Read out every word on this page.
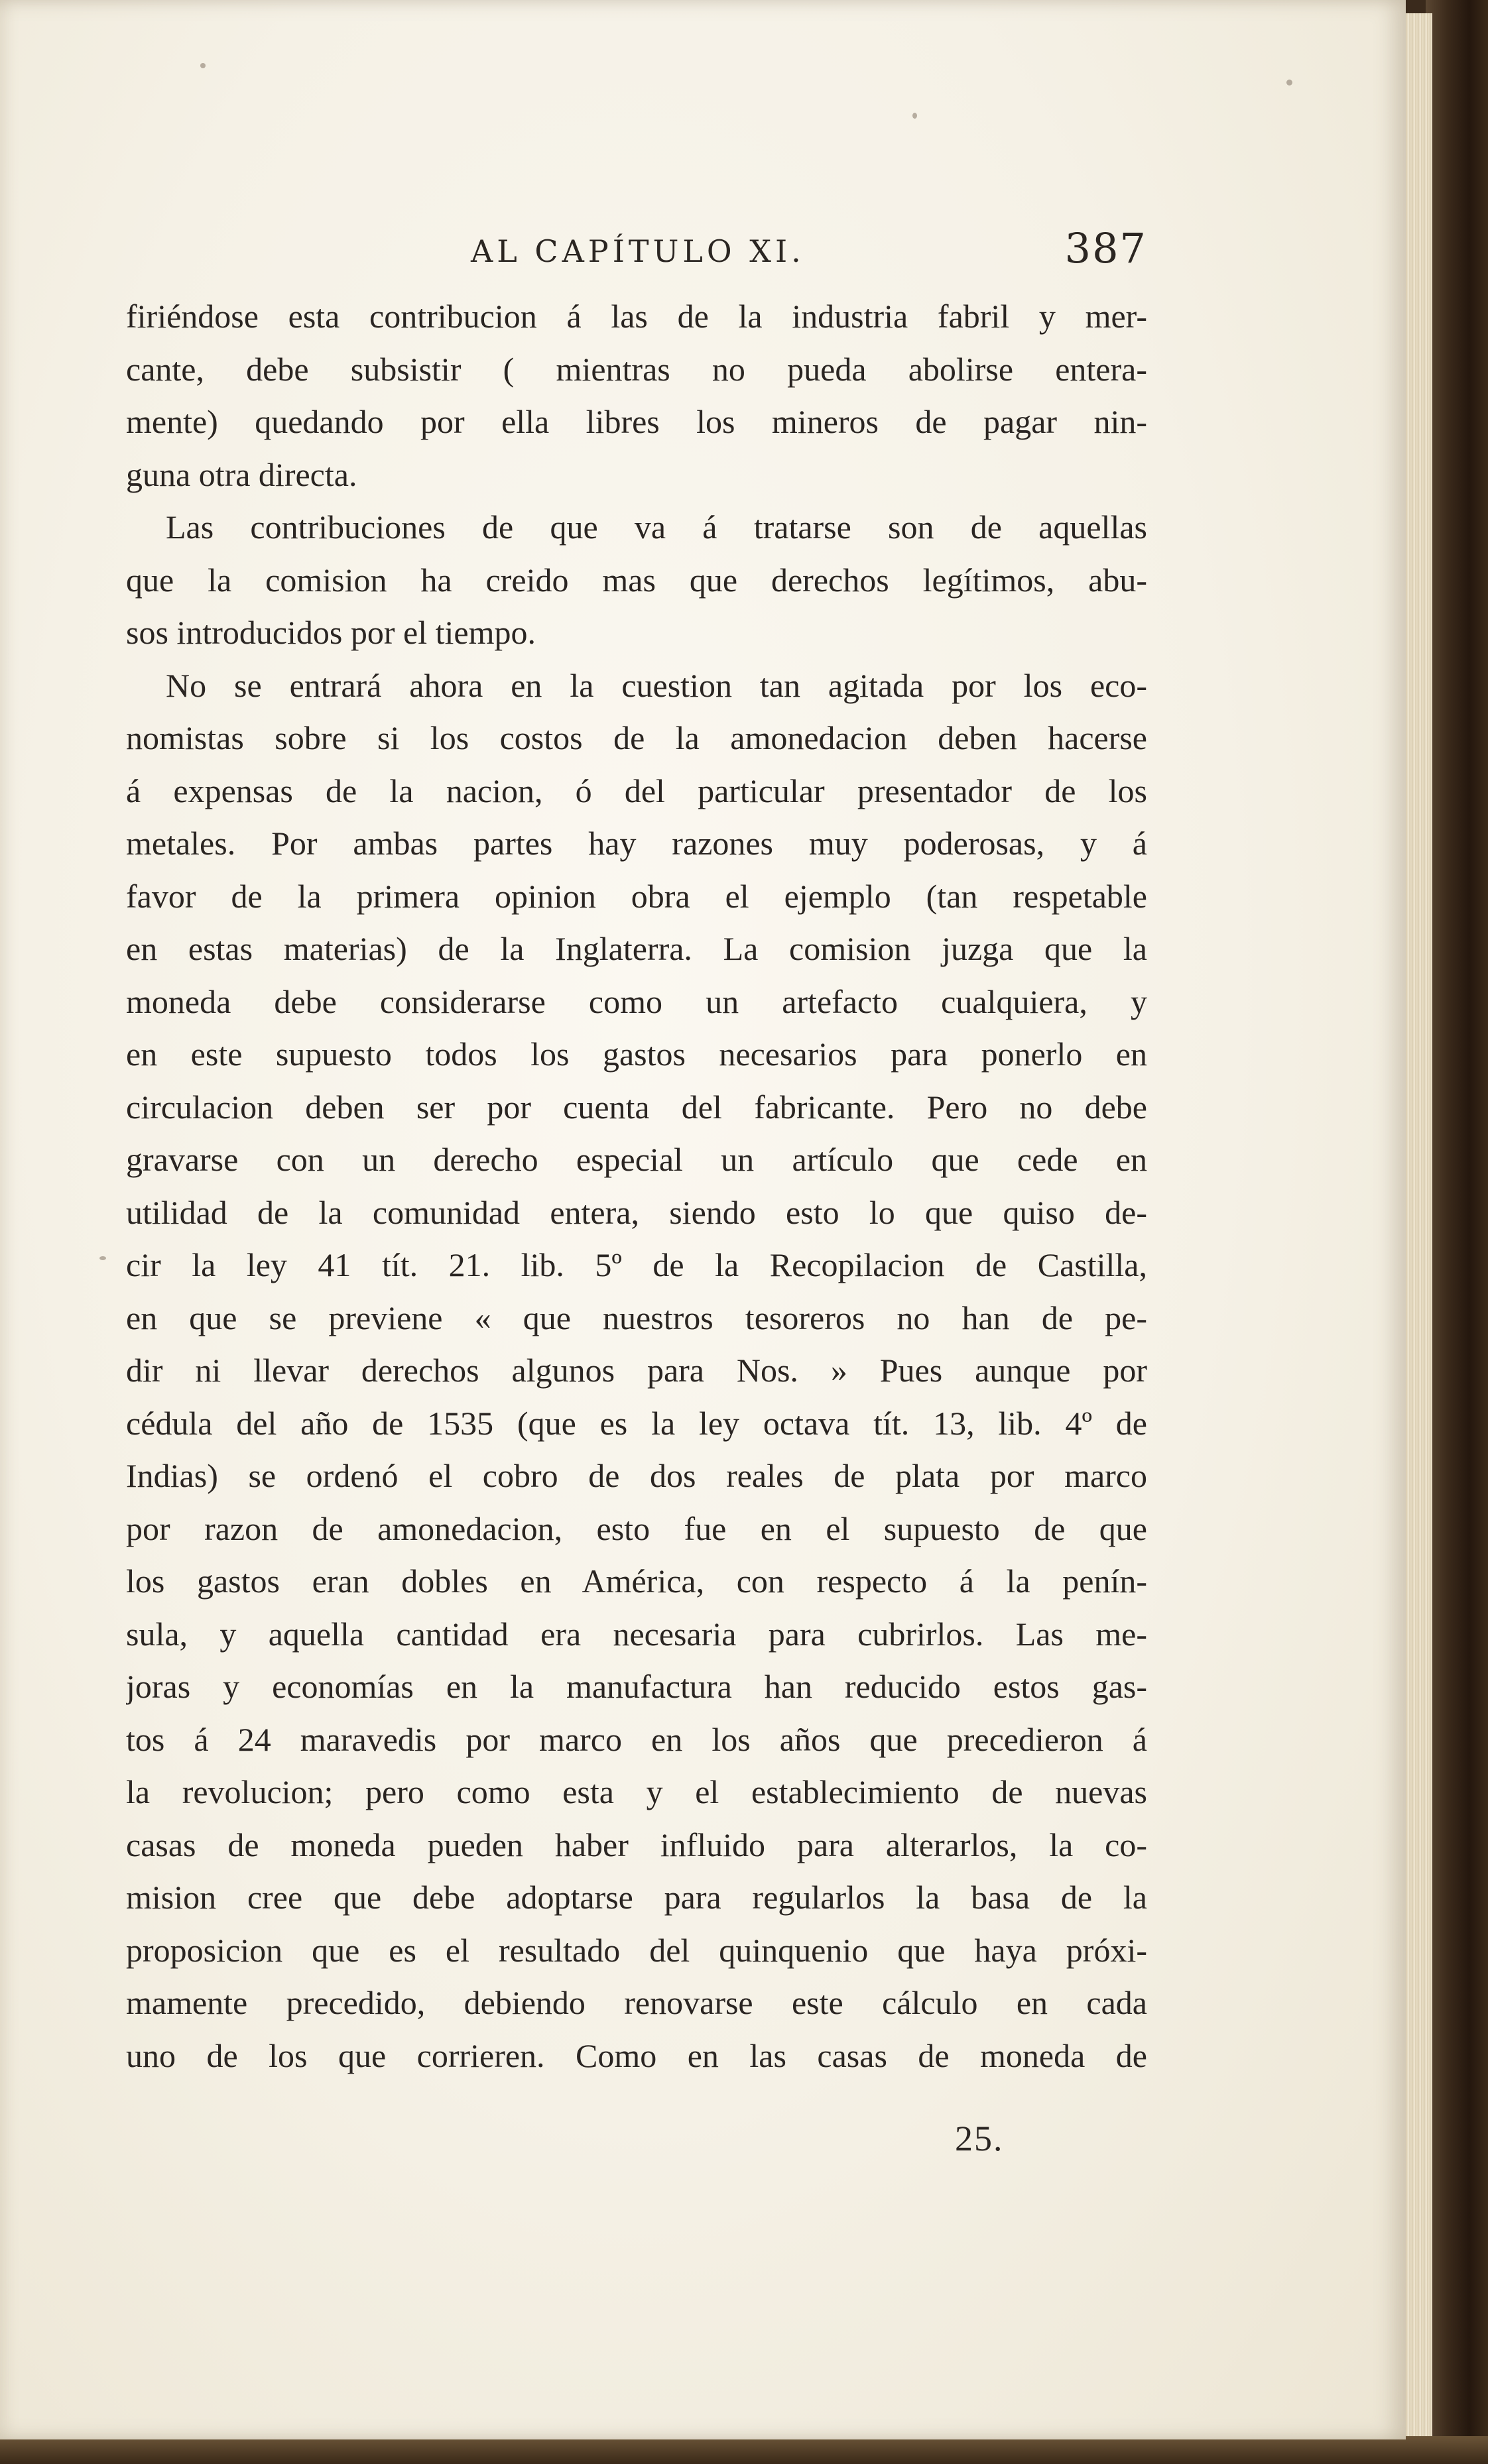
AL CAPÍTULO XI.	387
firiéndose esta contribucion á las de la industria fabril y mer-
cante, debe subsistir ( mientras no pueda abolirse entera-
mente) quedando por ella libres los mineros de pagar nin-
guna otra directa.
Las contribuciones de que va á tratarse son de aquellas
que la comision ha creido mas que derechos legítimos, abu-
sos introducidos por el tiempo.
No se entrará ahora en la cuestion tan agitada por los eco-
nomistas sobre si los costos de la amonedacion deben hacerse
á expensas de la nacion, ó del particular presentador de los
metales. Por ambas partes hay razones muy poderosas, y á
favor de la primera opinion obra el ejemplo (tan respetable
en estas materias) de la Inglaterra. La comision juzga que la
moneda debe considerarse como un artefacto cualquiera, y
en este supuesto todos los gastos necesarios para ponerlo en
circulacion deben ser por cuenta del fabricante. Pero no debe
gravarse con un derecho especial un artículo que cede en
utilidad de la comunidad entera, siendo esto lo que quiso de-
cir la ley 41 tít. 21. lib. 5º de la Recopilacion de Castilla,
en que se previene « que nuestros tesoreros no han de pe-
dir ni llevar derechos algunos para Nos. » Pues aunque por
cédula del año de 1535 (que es la ley octava tít. 13, lib. 4º de
Indias) se ordenó el cobro de dos reales de plata por marco
por razon de amonedacion, esto fue en el supuesto de que
los gastos eran dobles en América, con respecto á la penín-
sula, y aquella cantidad era necesaria para cubrirlos. Las me-
joras y economías en la manufactura han reducido estos gas-
tos á 24 maravedis por marco en los años que precedieron á
la revolucion; pero como esta y el establecimiento de nuevas
casas de moneda pueden haber influido para alterarlos, la co-
mision cree que debe adoptarse para regularlos la basa de la
proposicion que es el resultado del quinquenio que haya próxi-
mamente precedido, debiendo renovarse este cálculo en cada
uno de los que corrieren. Como en las casas de moneda de
25.
